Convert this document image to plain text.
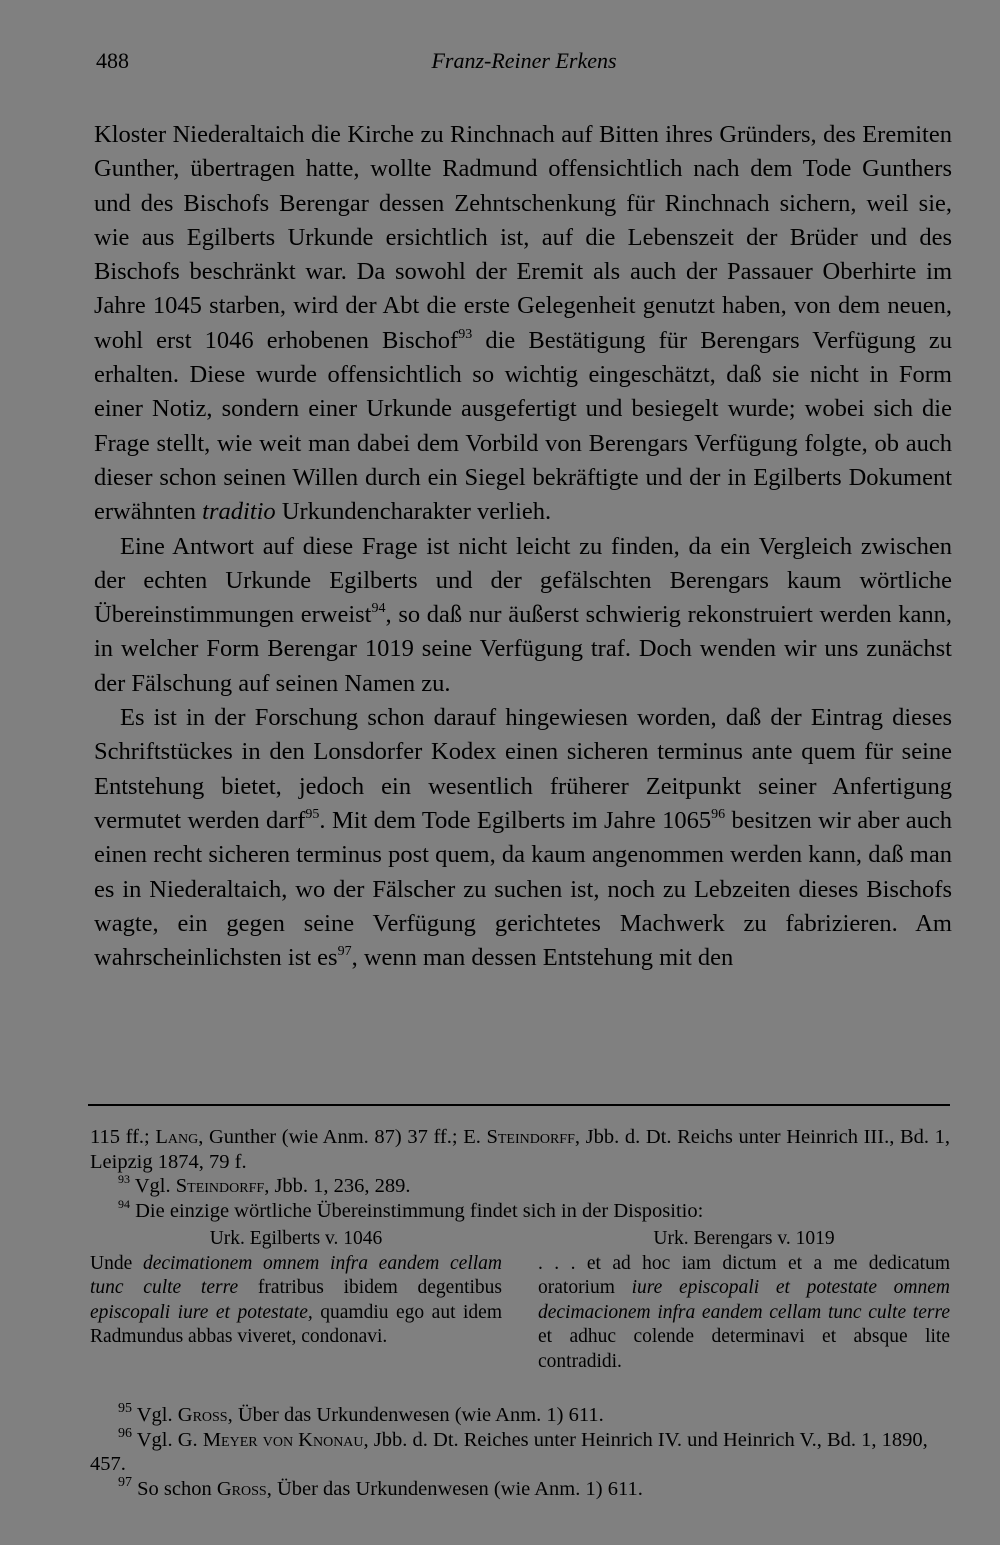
488	Franz-Reiner Erkens

Kloster Niederaltaich die Kirche zu Rinchnach auf Bitten ihres Gründers, des Eremiten Gunther, übertragen hatte, wollte Radmund offensichtlich nach dem Tode Gunthers und des Bischofs Berengar dessen Zehntschenkung für Rinchnach sichern, weil sie, wie aus Egilberts Urkunde ersichtlich ist, auf die Lebenszeit der Brüder und des Bischofs beschränkt war. Da sowohl der Eremit als auch der Passauer Oberhirte im Jahre 1045 starben, wird der Abt die erste Gelegenheit genutzt haben, von dem neuen, wohl erst 1046 erhobenen Bischof$^{93}$ die Bestätigung für Berengars Verfügung zu erhalten. Diese wurde offensichtlich so wichtig eingeschätzt, daß sie nicht in Form einer Notiz, sondern einer Urkunde ausgefertigt und besiegelt wurde; wobei sich die Frage stellt, wie weit man dabei dem Vorbild von Berengars Verfügung folgte, ob auch dieser schon seinen Willen durch ein Siegel bekräftigte und der in Egilberts Dokument erwähnten traditio Urkundencharakter verlieh.

Eine Antwort auf diese Frage ist nicht leicht zu finden, da ein Vergleich zwischen der echten Urkunde Egilberts und der gefälschten Berengars kaum wörtliche Übereinstimmungen erweist$^{94}$, so daß nur äußerst schwierig rekonstruiert werden kann, in welcher Form Berengar 1019 seine Verfügung traf. Doch wenden wir uns zunächst der Fälschung auf seinen Namen zu.

Es ist in der Forschung schon darauf hingewiesen worden, daß der Eintrag dieses Schriftstückes in den Lonsdorfer Kodex einen sicheren terminus ante quem für seine Entstehung bietet, jedoch ein wesentlich früherer Zeitpunkt seiner Anfertigung vermutet werden darf$^{95}$. Mit dem Tode Egilberts im Jahre 1065$^{96}$ besitzen wir aber auch einen recht sicheren terminus post quem, da kaum angenommen werden kann, daß man es in Niederaltaich, wo der Fälscher zu suchen ist, noch zu Lebzeiten dieses Bischofs wagte, ein gegen seine Verfügung gerichtetes Machwerk zu fabrizieren. Am wahrscheinlichsten ist $es^{97}$, wenn man dessen Entstehung mit den

115 ff.; Lang, Gunther (wie Anm. 87) 37 ff.; E. Steindorff, Jbb. d. Dt. Reichs unter Heinrich III., Bd. 1, Leipzig 1874, 79 f.

$^{93}$ Vgl. Steindorff, Jbb. 1, 236, 289.

$^{94}$ Die einzige wörtliche Übereinstimmung findet sich in der Dispositio:

Urk. Egilberts v. 1046
Unde decimationem omnem infra eandem cellam tunc culte terre fratribus ibidem degentibus episcopali iure et potestate, quamdiu ego aut idem Radmundus abbas viveret, condonavi.
Urk. Berengars v. 1019
. . . et ad hoc iam dictum et a me dedicatum oratorium iure episcopali et potestate omnem decimacionem infra eandem cellam tunc culte terre et adhuc colende determinavi et absque lite contradidi.

$^{95}$ Vgl. Gross, Über das Urkundenwesen (wie Anm. 1) 611.

$^{96}$ Vgl. G. Meyer von Knonau, Jbb. d. Dt. Reiches unter Heinrich IV. und Heinrich V., Bd. 1, 1890, 457.

$^{97}$ So schon Gross, Über das Urkundenwesen (wie Anm. 1) 611.
